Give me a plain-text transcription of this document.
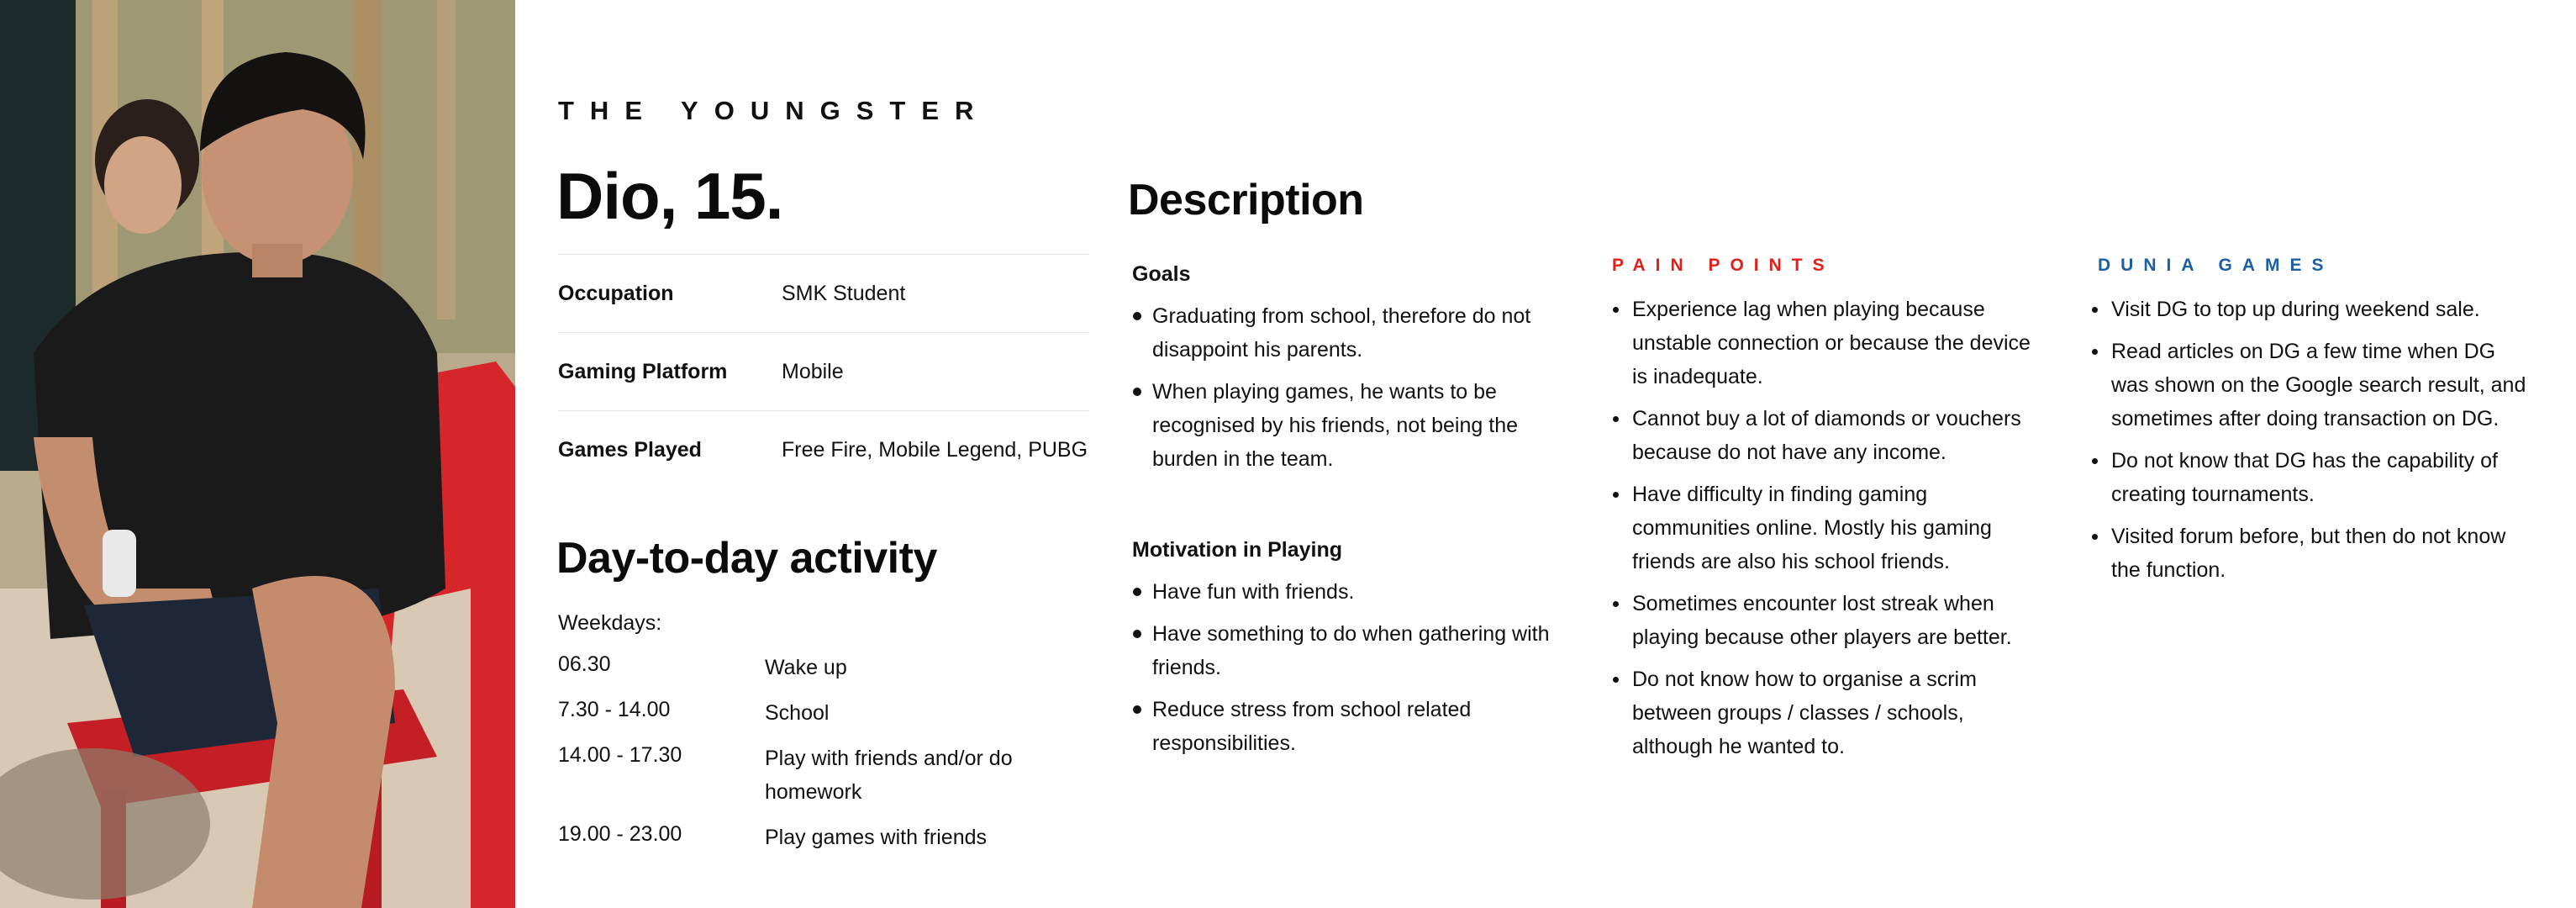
THE YOUNGSTER
Dio, 15.
Occupation	SMK Student
Gaming Platform	Mobile
Games Played	Free Fire, Mobile Legend, PUBG
Day-to-day activity
Weekdays:
06.30	Wake up
7.30 - 14.00	School
14.00 - 17.30	Play with friends and/or do homework
19.00 - 23.00	Play games with friends
Description
Goals
Graduating from school, therefore do not disappoint his parents.
When playing games, he wants to be recognised by his friends, not being the burden in the team.
Motivation in Playing
Have fun with friends.
Have something to do when gathering with friends.
Reduce stress from school related responsibilities.
PAIN POINTS
Experience lag when playing because unstable connection or because the device is inadequate.
Cannot buy a lot of diamonds or vouchers because do not have any income.
Have difficulty in finding gaming communities online. Mostly his gaming friends are also his school friends.
Sometimes encounter lost streak when playing because other players are better.
Do not know how to organise a scrim between groups / classes / schools, although he wanted to.
DUNIA GAMES
Visit DG to top up during weekend sale.
Read articles on DG a few time when DG was shown on the Google search result, and sometimes after doing transaction on DG.
Do not know that DG has the capability of creating tournaments.
Visited forum before, but then do not know the function.
